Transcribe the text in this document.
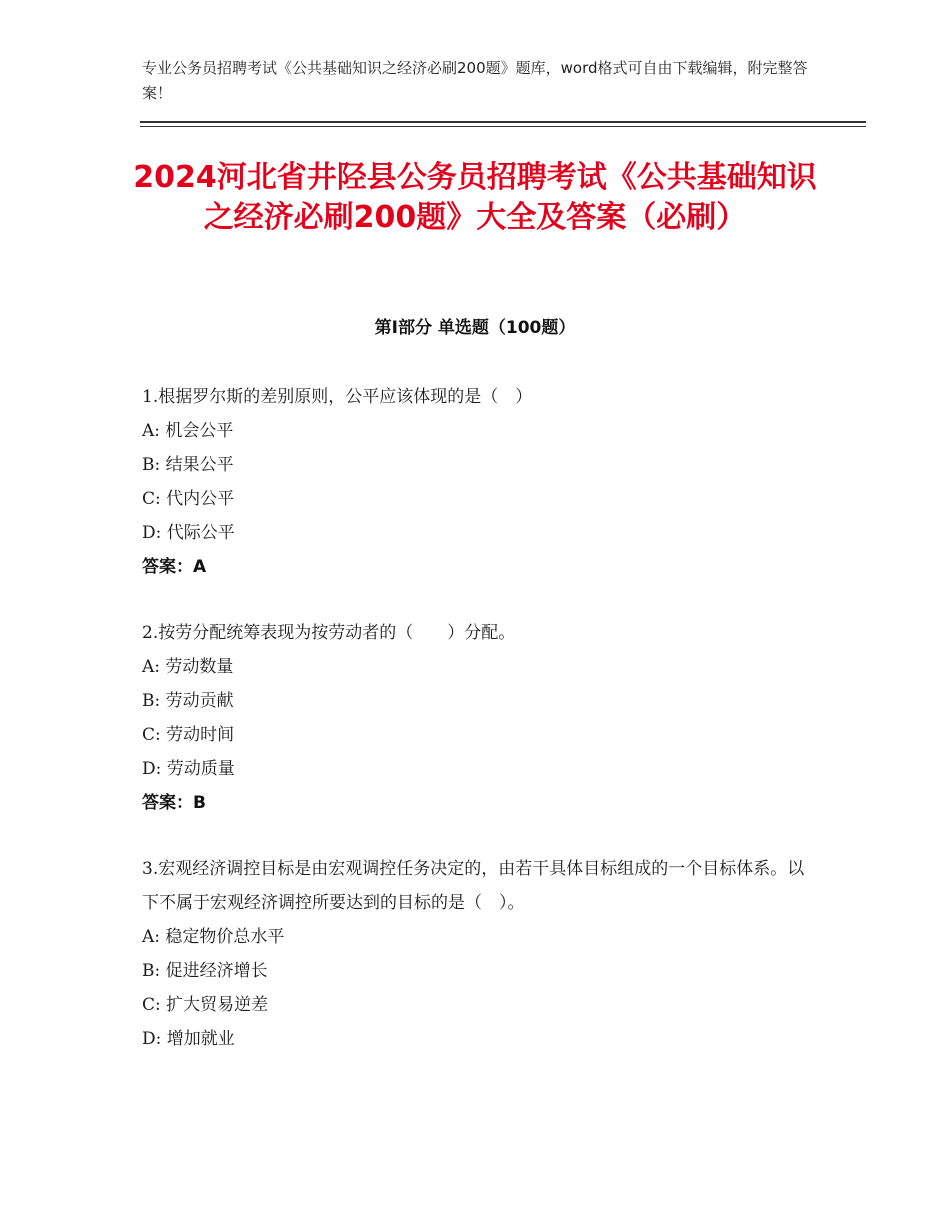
专业公务员招聘考试《公共基础知识之经济必刷200题》题库，word格式可自由下载编辑，附完整答案！
2024河北省井陉县公务员招聘考试《公共基础知识之经济必刷200题》大全及答案（必刷）
第Ⅰ部分 单选题（100题）

1.根据罗尔斯的差别原则，公平应该体现的是（　）

A: 机会公平

B: 结果公平

C: 代内公平

D: 代际公平

答案：A

2.按劳分配统筹表现为按劳动者的（　　）分配。

A: 劳动数量

B: 劳动贡献

C: 劳动时间

D: 劳动质量

答案：B

3.宏观经济调控目标是由宏观调控任务决定的，由若干具体目标组成的一个目标体系。以下不属于宏观经济调控所要达到的目标的是（　）。

A: 稳定物价总水平

B: 促进经济增长

C: 扩大贸易逆差

D: 增加就业
